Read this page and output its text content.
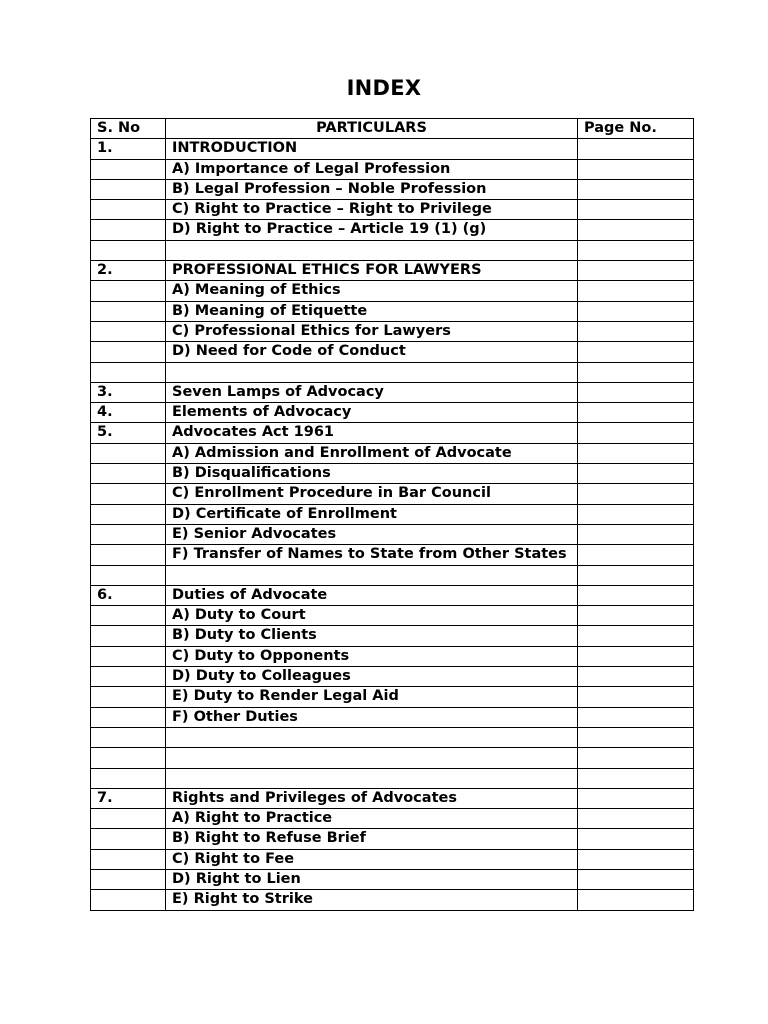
INDEX
S. No	PARTICULARS	Page No.
1.	INTRODUCTION	

	A) Importance of Legal Profession	

	B) Legal Profession – Noble Profession	

	C) Right to Practice – Right to Privilege	

	D) Right to Practice – Article 19 (1) (g)	

2.	PROFESSIONAL ETHICS FOR LAWYERS	

	A) Meaning of Ethics	

	B) Meaning of Etiquette	

	C) Professional Ethics for Lawyers	

	D) Need for Code of Conduct	

3.	Seven Lamps of Advocacy	
4.	Elements of Advocacy	
5.	Advocates Act 1961	

	A) Admission and Enrollment of Advocate	

	B) Disqualifications	

	C) Enrollment Procedure in Bar Council	

	D) Certificate of Enrollment	

	E) Senior Advocates	

	F) Transfer of Names to State from Other States	

6.	Duties of Advocate	

	A) Duty to Court	

	B) Duty to Clients	

	C) Duty to Opponents	

	D) Duty to Colleagues	

	E) Duty to Render Legal Aid	

	F) Other Duties	

7.	Rights and Privileges of Advocates	

	A) Right to Practice	

	B) Right to Refuse Brief	

	C) Right to Fee	

	D) Right to Lien	

	E) Right to Strike	
